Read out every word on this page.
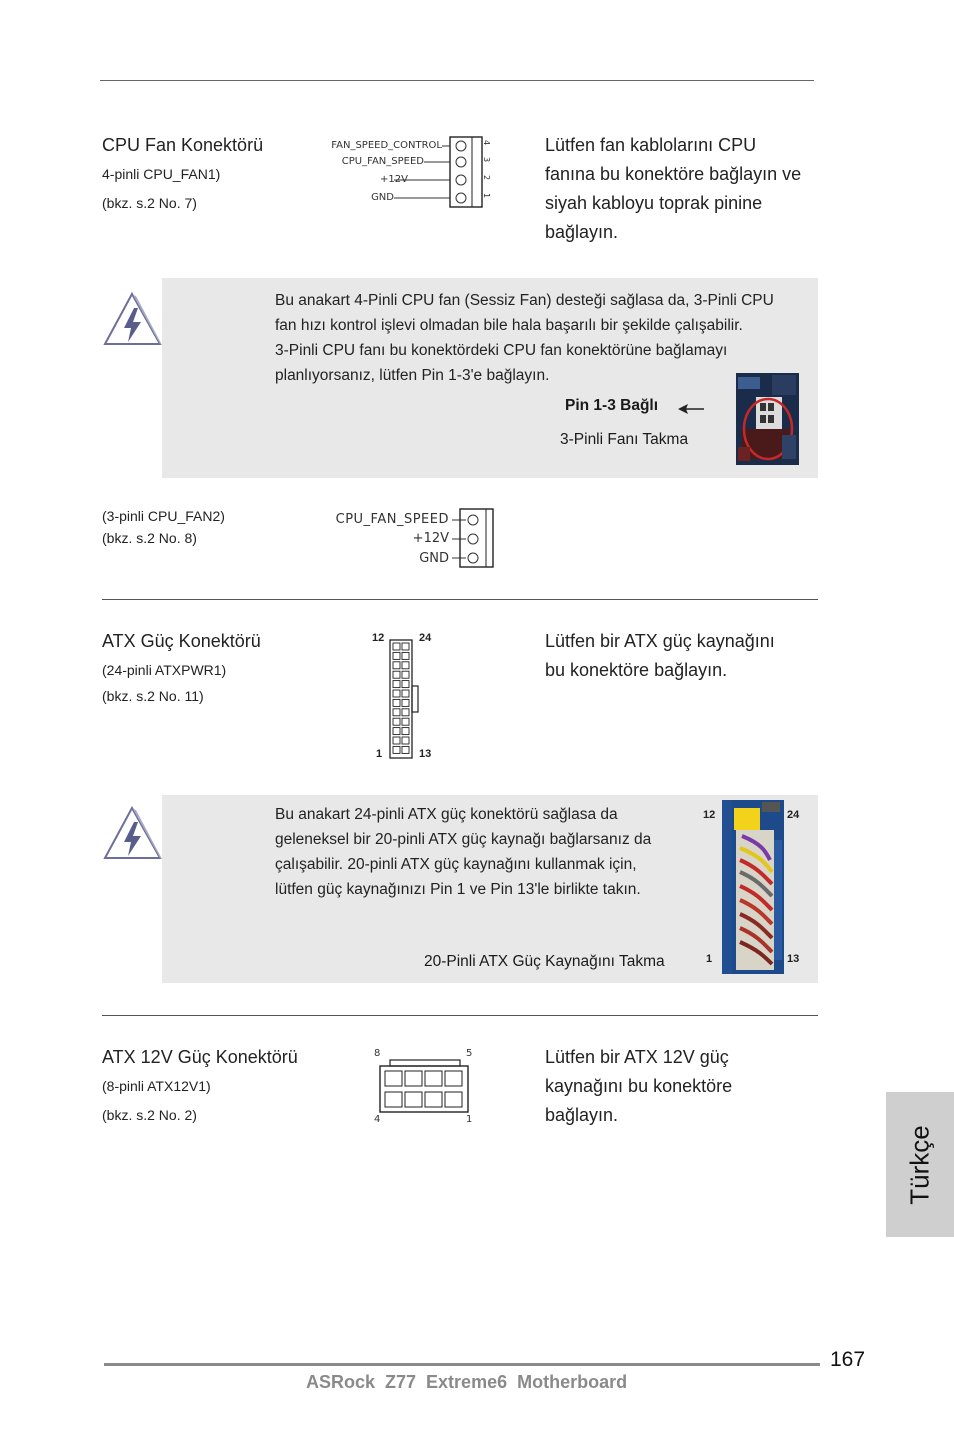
CPU Fan Konektörü
4-pinli CPU_FAN1)
(bkz. s.2 No. 7)
FAN_SPEED_CONTROL
CPU_FAN_SPEED
+12V
GND
4
3
2
1
Lütfen fan kablolarını CPU
fanına bu konektöre bağlayın ve
siyah kabloyu toprak pinine
bağlayın.
Bu anakart 4-Pinli CPU fan (Sessiz Fan) desteği sağlasa da, 3-Pinli CPU
fan hızı kontrol işlevi olmadan bile hala başarılı bir şekilde çalışabilir.
3-Pinli CPU fanı bu konektördeki CPU fan konektörüne bağlamayı
planlıyorsanız, lütfen Pin 1-3'e bağlayın.
Pin 1-3 Bağlı
3-Pinli Fanı Takma
(3-pinli CPU_FAN2)
(bkz. s.2 No. 8)
CPU_FAN_SPEED
+12V
GND
ATX Güç Konektörü
(24-pinli ATXPWR1)
(bkz. s.2 No. 11)
12	24
1	13
Lütfen bir ATX güç kaynağını
bu konektöre bağlayın.
Bu anakart 24-pinli ATX güç konektörü sağlasa da
geleneksel bir 20-pinli ATX güç kaynağı bağlarsanız da
çalışabilir. 20-pinli ATX güç kaynağını kullanmak için,
lütfen güç kaynağınızı Pin 1 ve Pin 13'le birlikte takın.
20-Pinli ATX Güç Kaynağını Takma
12	24
1	13
ATX 12V Güç Konektörü
(8-pinli ATX12V1)
(bkz. s.2 No. 2)
8	5
4	1
Lütfen bir ATX 12V güç
kaynağını bu konektöre
bağlayın.
Türkçe
167
ASRock  Z77  Extreme6  Motherboard
